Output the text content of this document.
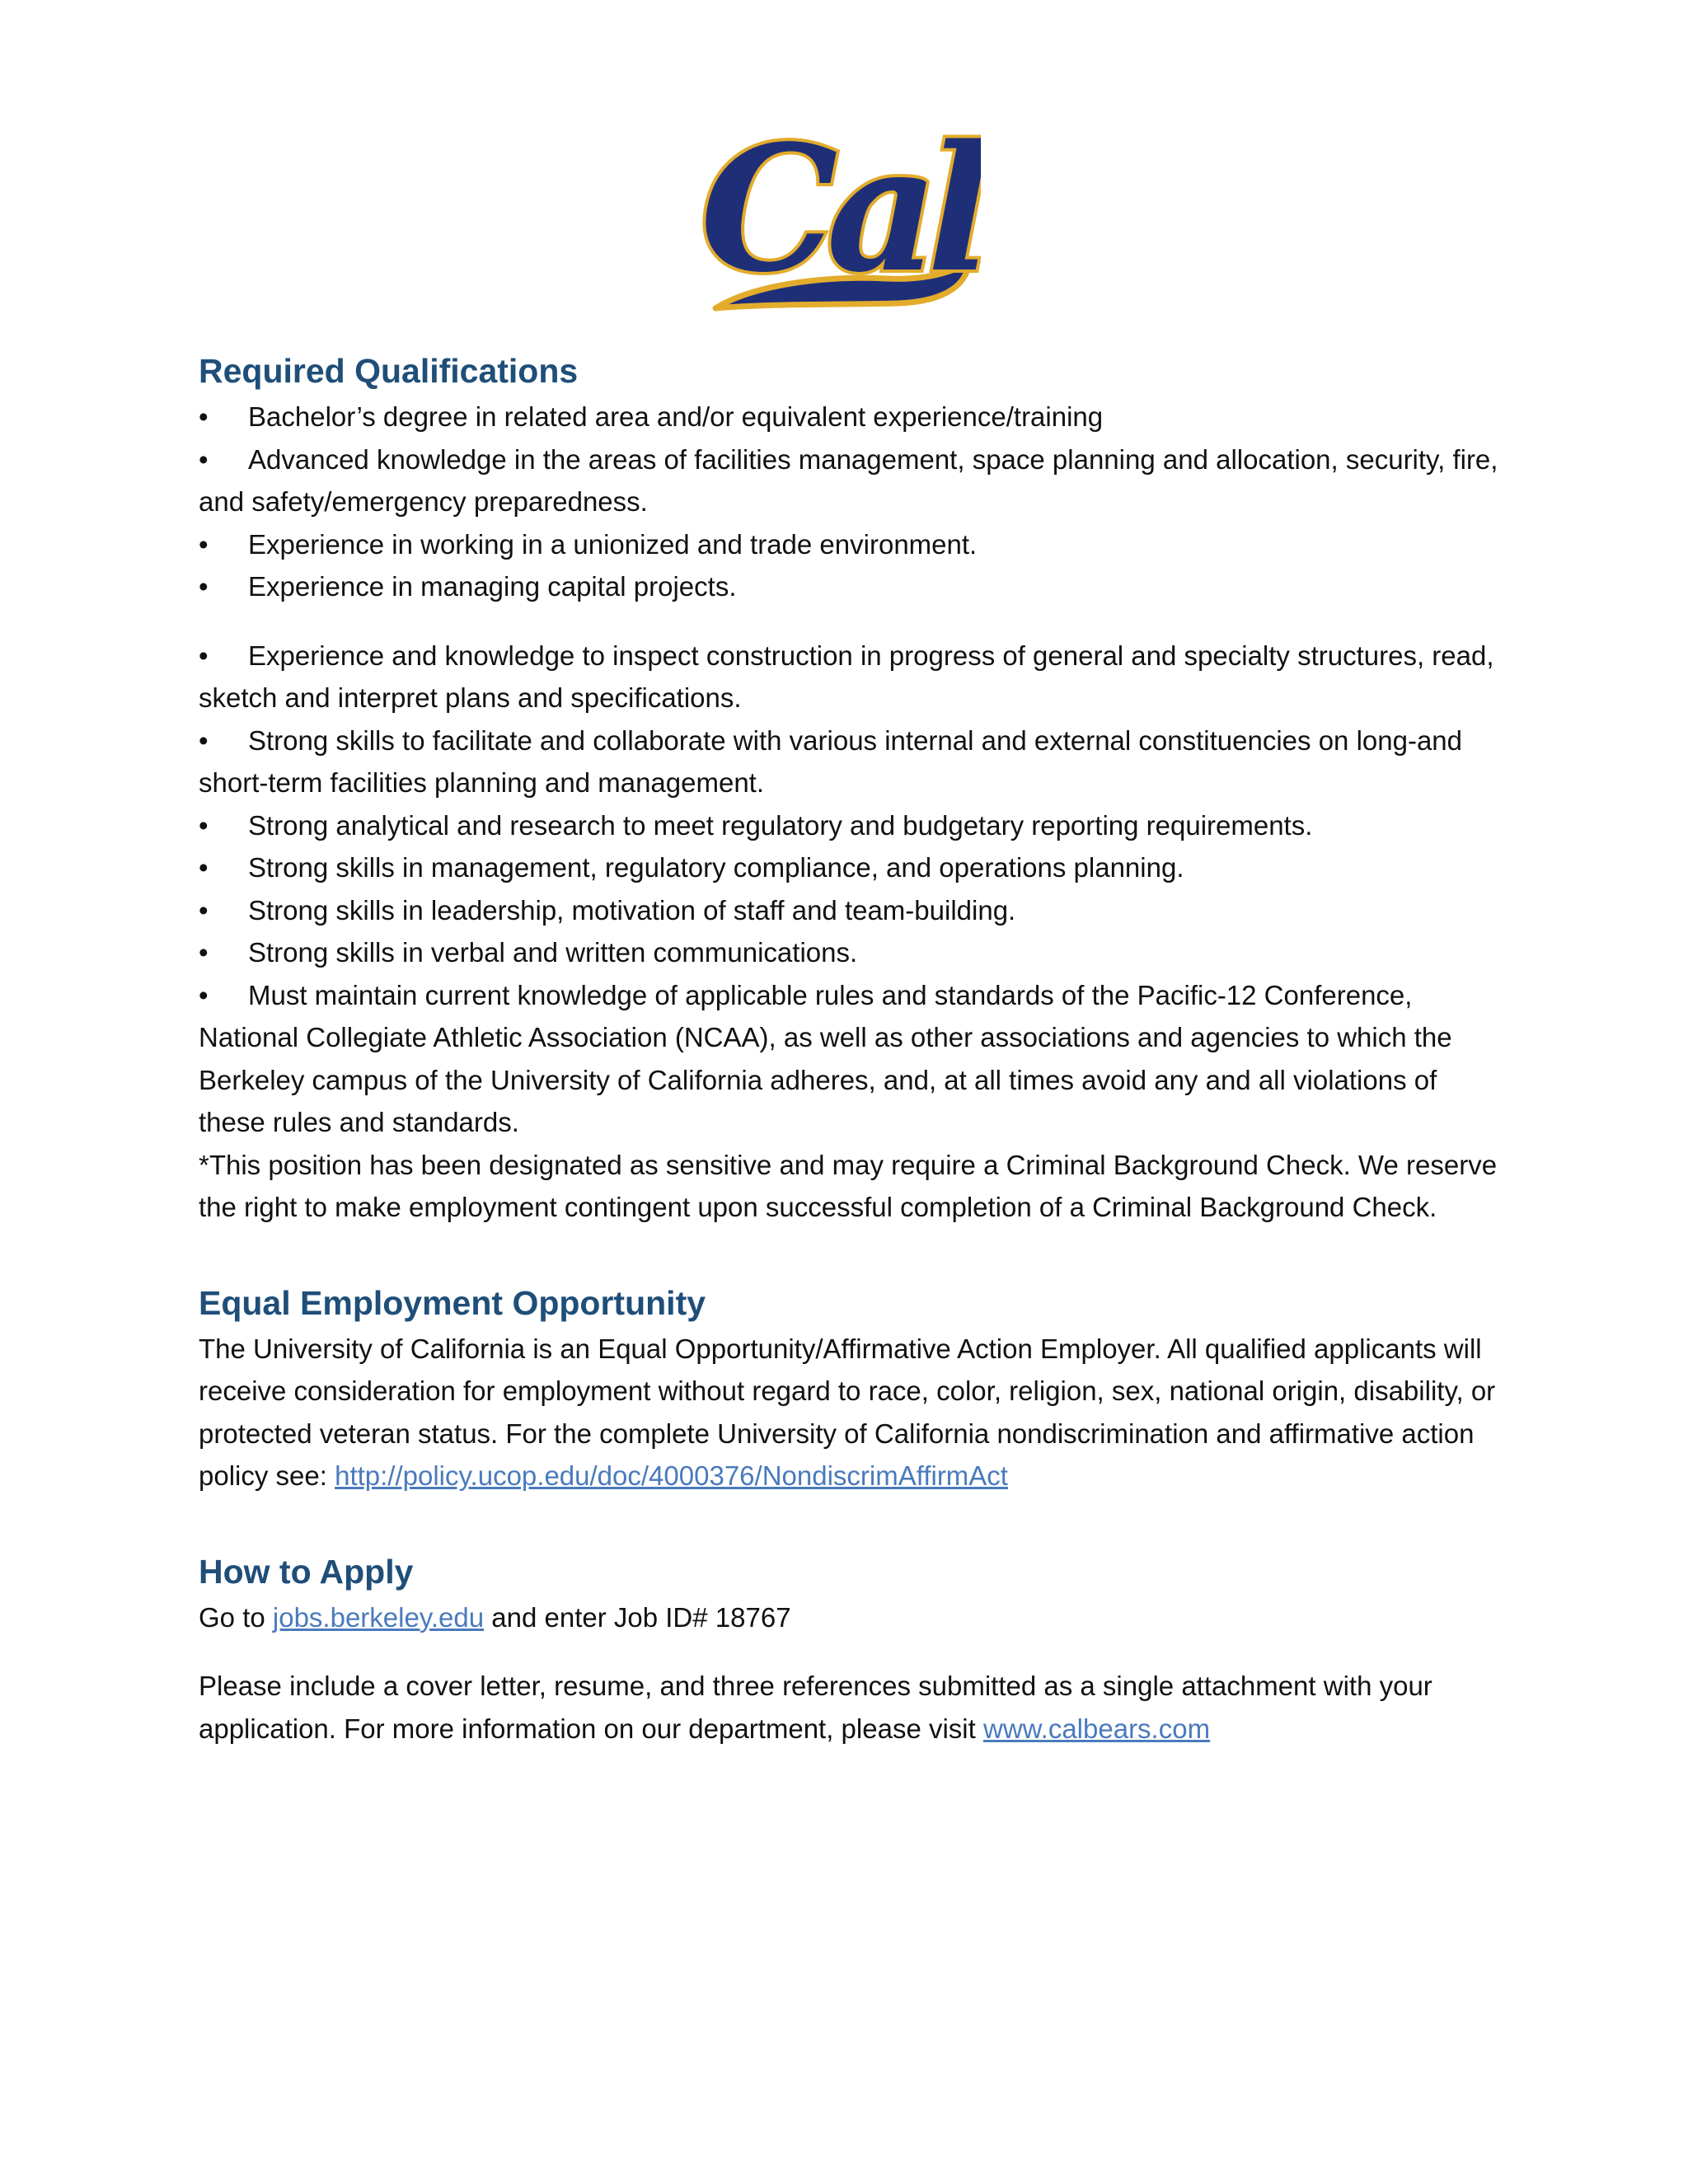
Cal
Required Qualifications

• Bachelor’s degree in related area and/or equivalent experience/training

• Advanced knowledge in the areas of facilities management, space planning and allocation, security, fire, and safety/emergency preparedness.

• Experience in working in a unionized and trade environment.

• Experience in managing capital projects.

• Experience and knowledge to inspect construction in progress of general and specialty structures, read, sketch and interpret plans and specifications.

• Strong skills to facilitate and collaborate with various internal and external constituencies on long-and short-term facilities planning and management.

• Strong analytical and research to meet regulatory and budgetary reporting requirements.

• Strong skills in management, regulatory compliance, and operations planning.

• Strong skills in leadership, motivation of staff and team-building.

• Strong skills in verbal and written communications.

• Must maintain current knowledge of applicable rules and standards of the Pacific-12 Conference, National Collegiate Athletic Association (NCAA), as well as other associations and agencies to which the Berkeley campus of the University of California adheres, and, at all times avoid any and all violations of these rules and standards.

*This position has been designated as sensitive and may require a Criminal Background Check. We reserve the right to make employment contingent upon successful completion of a Criminal Background Check.

Equal Employment Opportunity

The University of California is an Equal Opportunity/Affirmative Action Employer. All qualified applicants will receive consideration for employment without regard to race, color, religion, sex, national origin, disability, or protected veteran status. For the complete University of California nondiscrimination and affirmative action policy see: http://policy.ucop.edu/doc/4000376/NondiscrimAffirmAct

How to Apply

Go to jobs.berkeley.edu and enter Job ID# 18767

Please include a cover letter, resume, and three references submitted as a single attachment with your application. For more information on our department, please visit www.calbears.com
